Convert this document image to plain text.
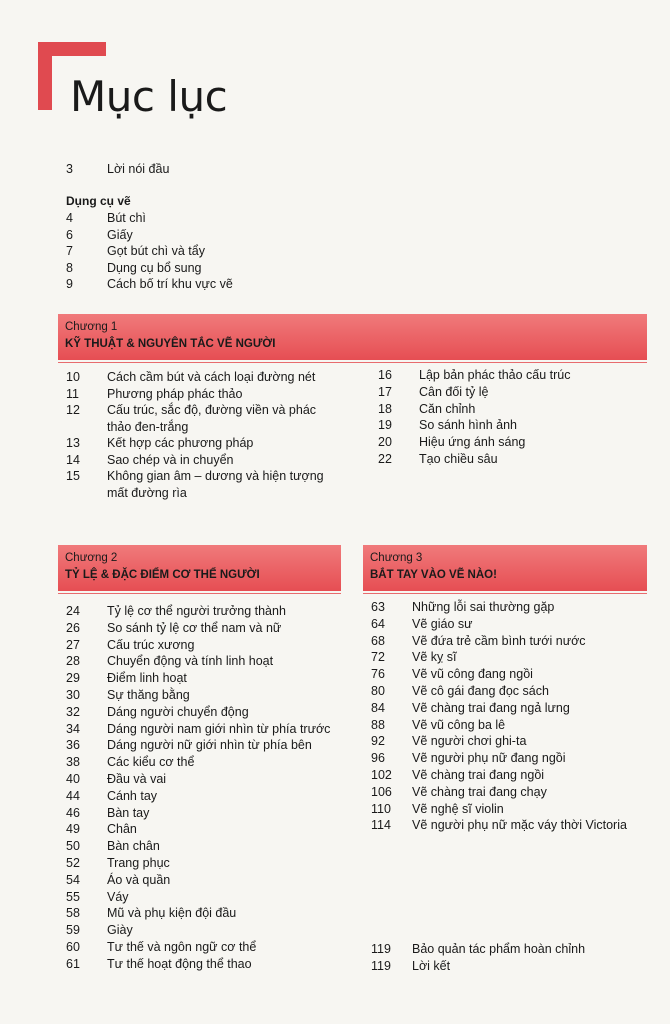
Mục lục
3	Lời nói đầu
Dụng cụ vẽ
4	Bút chì
6	Giấy
7	Gọt bút chì và tẩy
8	Dụng cụ bổ sung
9	Cách bố trí khu vực vẽ
Chương 1
KỸ THUẬT & NGUYÊN TẮC VẼ NGƯỜI
10	Cách cầm bút và cách loại đường nét
11	Phương pháp phác thảo
12	Cấu trúc, sắc độ, đường viền và phác thảo đen-trắng
13	Kết hợp các phương pháp
14	Sao chép và in chuyển
15	Không gian âm – dương và hiện tượng mất đường rìa
16	Lập bản phác thảo cấu trúc
17	Cân đối tỷ lệ
18	Căn chỉnh
19	So sánh hình ảnh
20	Hiệu ứng ánh sáng
22	Tạo chiều sâu
Chương 2
TỶ LỆ & ĐẶC ĐIỂM CƠ THỂ NGƯỜI
24	Tỷ lệ cơ thể người trưởng thành
26	So sánh tỷ lệ cơ thể nam và nữ
27	Cấu trúc xương
28	Chuyển động và tính linh hoạt
29	Điểm linh hoạt
30	Sự thăng bằng
32	Dáng người chuyển động
34	Dáng người nam giới nhìn từ phía trước
36	Dáng người nữ giới nhìn từ phía bên
38	Các kiểu cơ thể
40	Đầu và vai
44	Cánh tay
46	Bàn tay
49	Chân
50	Bàn chân
52	Trang phục
54	Áo và quần
55	Váy
58	Mũ và phụ kiện đội đầu
59	Giày
60	Tư thế và ngôn ngữ cơ thể
61	Tư thế hoạt động thể thao
Chương 3
BẮT TAY VÀO VẼ NÀO!
63	Những lỗi sai thường gặp
64	Vẽ giáo sư
68	Vẽ đứa trẻ cầm bình tưới nước
72	Vẽ kỵ sĩ
76	Vẽ vũ công đang ngồi
80	Vẽ cô gái đang đọc sách
84	Vẽ chàng trai đang ngả lưng
88	Vẽ vũ công ba lê
92	Vẽ người chơi ghi-ta
96	Vẽ người phụ nữ đang ngồi
102	Vẽ chàng trai đang ngồi
106	Vẽ chàng trai đang chạy
110	Vẽ nghệ sĩ violin
114	Vẽ người phụ nữ mặc váy thời Victoria
119	Bảo quản tác phẩm hoàn chỉnh
119	Lời kết
